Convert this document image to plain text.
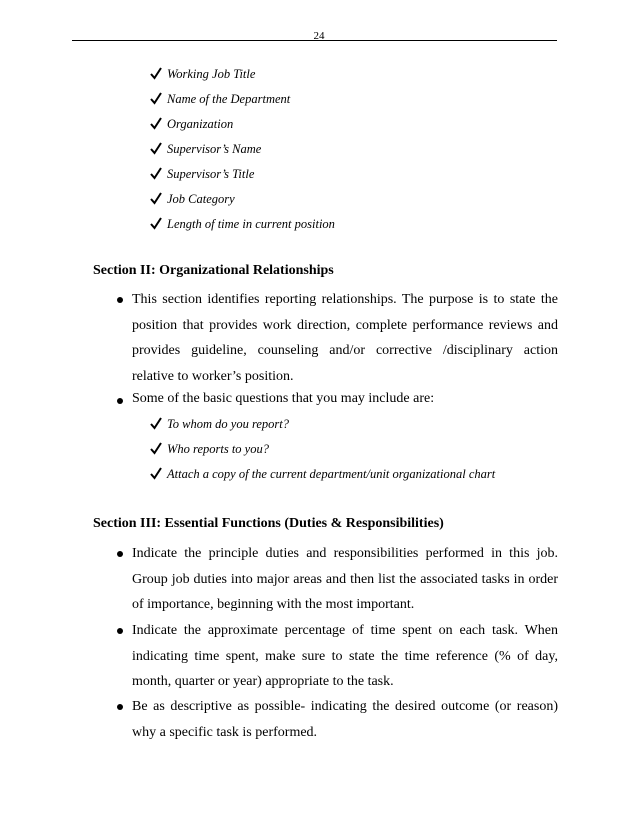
24
Working Job Title
Name of the Department
Organization
Supervisor’s Name
Supervisor’s Title
Job Category
Length of time in current position
Section II: Organizational Relationships
This section identifies reporting relationships. The purpose is to state the position that provides work direction, complete performance reviews and provides guideline, counseling and/or corrective /disciplinary action relative to worker’s position.
Some of the basic questions that you may include are:
To whom do you report?
Who reports to you?
Attach a copy of the current department/unit organizational chart
Section III: Essential Functions (Duties & Responsibilities)
Indicate the principle duties and responsibilities performed in this job. Group job duties into major areas and then list the associated tasks in order of importance, beginning with the most important.
Indicate the approximate percentage of time spent on each task. When indicating time spent, make sure to state the time reference (% of day, month, quarter or year) appropriate to the task.
Be as descriptive as possible- indicating the desired outcome (or reason) why a specific task is performed.
